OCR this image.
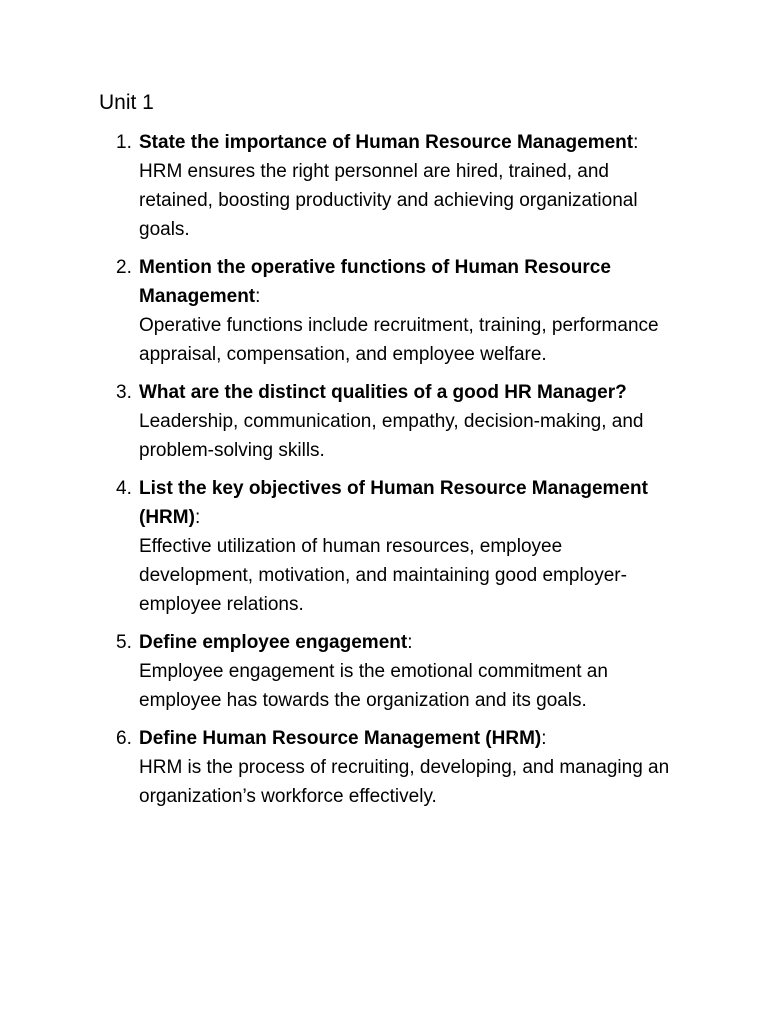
Unit 1
1. State the importance of Human Resource Management:
HRM ensures the right personnel are hired, trained, and retained, boosting productivity and achieving organizational goals.
2. Mention the operative functions of Human Resource Management:
Operative functions include recruitment, training, performance appraisal, compensation, and employee welfare.
3. What are the distinct qualities of a good HR Manager?
Leadership, communication, empathy, decision-making, and problem-solving skills.
4. List the key objectives of Human Resource Management (HRM):
Effective utilization of human resources, employee development, motivation, and maintaining good employer-employee relations.
5. Define employee engagement:
Employee engagement is the emotional commitment an employee has towards the organization and its goals.
6. Define Human Resource Management (HRM):
HRM is the process of recruiting, developing, and managing an organization’s workforce effectively.
